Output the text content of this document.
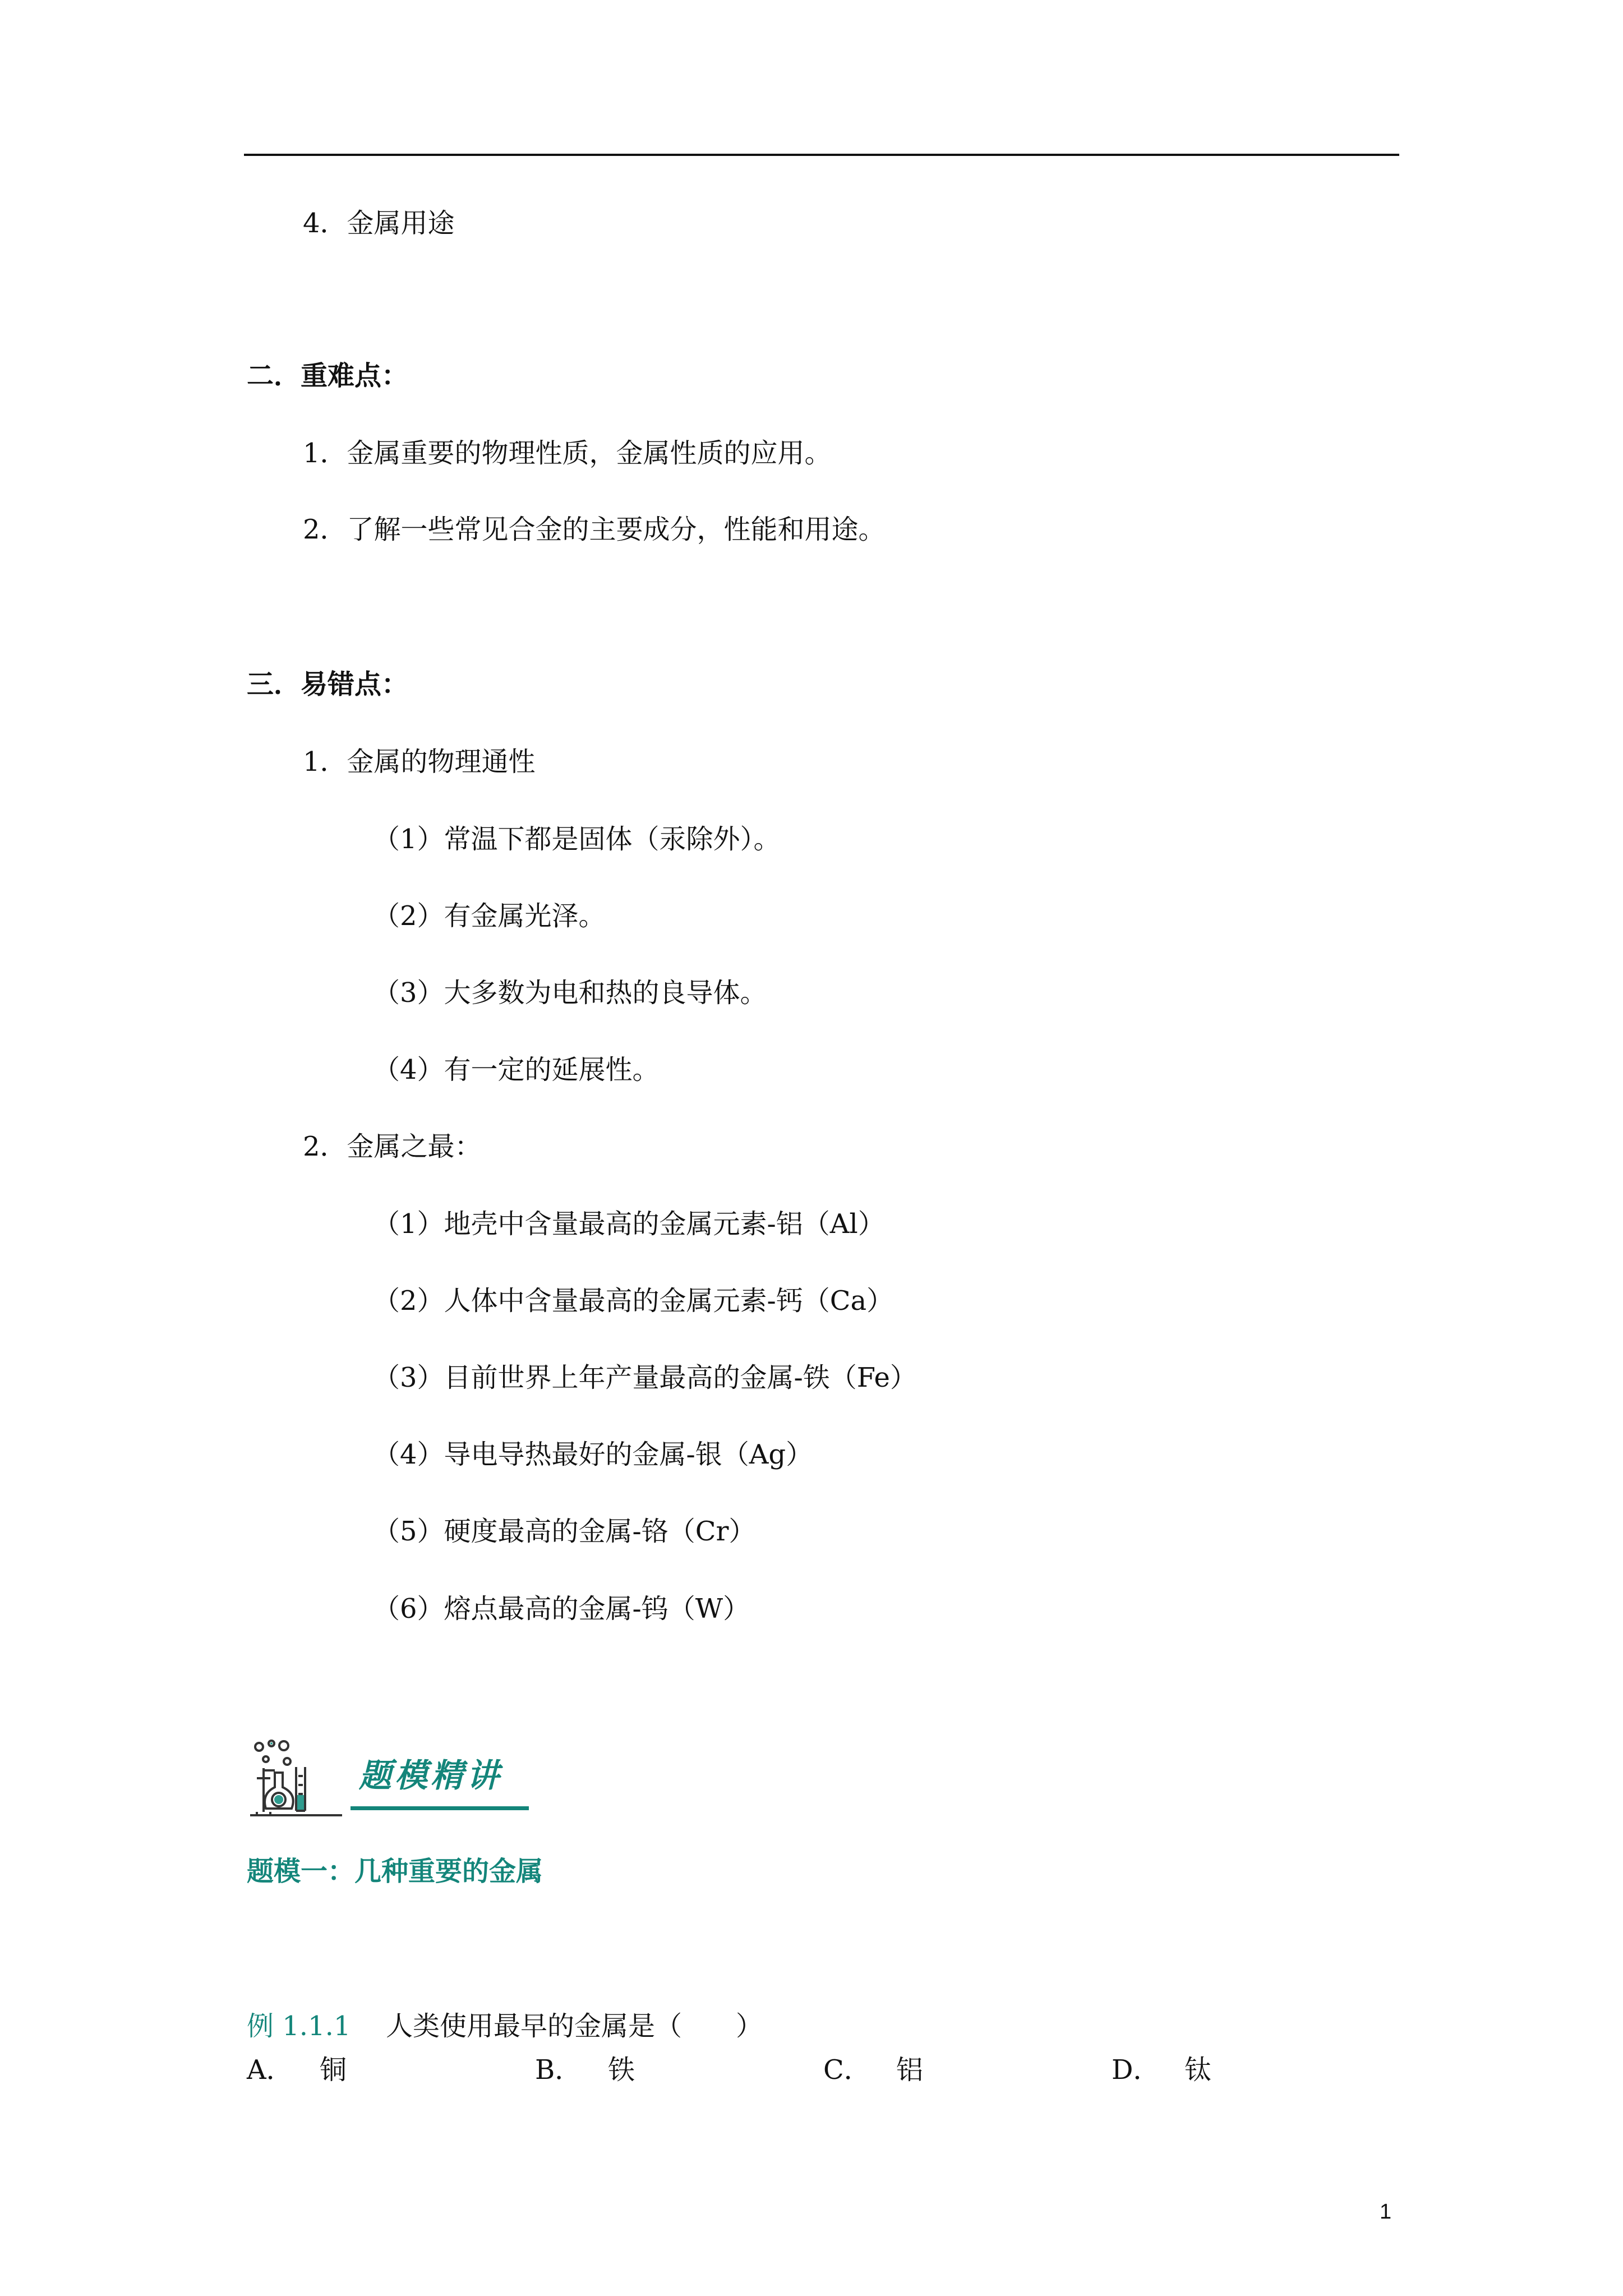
4．金属用途
二．重难点：
1．金属重要的物理性质，金属性质的应用。
2．了解一些常见合金的主要成分，性能和用途。
三．易错点：
1．金属的物理通性
（1）常温下都是固体（汞除外）。
（2）有金属光泽。
（3）大多数为电和热的良导体。
（4）有一定的延展性。
2．金属之最：
（1）地壳中含量最高的金属元素-铝（Al）
（2）人体中含量最高的金属元素-钙（Ca）
（3）目前世界上年产量最高的金属-铁（Fe）
（4）导电导热最好的金属-银（Ag）
（5）硬度最高的金属-铬（Cr）
（6）熔点最高的金属-钨（W）
题模精讲
题模一：几种重要的金属
例 1.1.1 人类使用最早的金属是（　　）
A． 铜	B． 铁	C． 铝	D． 钛
1
